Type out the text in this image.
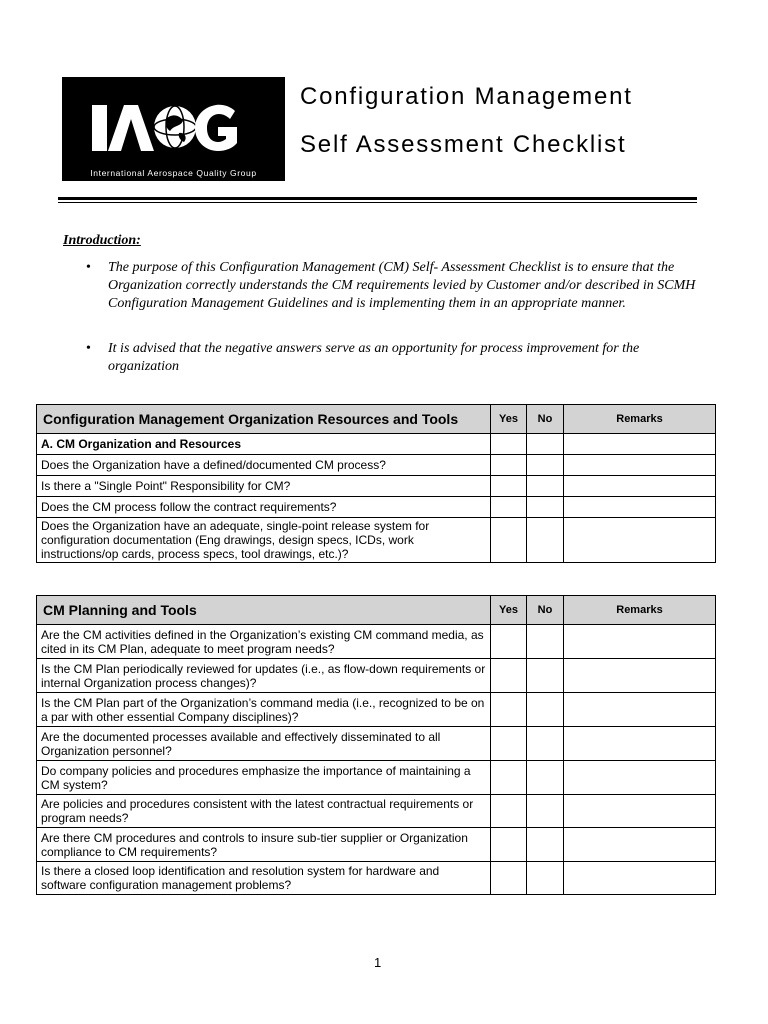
International Aerospace Quality Group
Configuration Management
Self Assessment Checklist
Introduction:
• The purpose of this Configuration Management (CM) Self- Assessment Checklist is to ensure that the Organization correctly understands the CM requirements levied by Customer and/or described in SCMH Configuration Management Guidelines and is implementing them in an appropriate manner.
• It is advised that the negative answers serve as an opportunity for process improvement for the organization
Configuration Management Organization Resources and Tools	Yes	No	Remarks
A. CM Organization and Resources			
Does the Organization have a defined/documented CM process?			
Is there a "Single Point" Responsibility for CM?			
Does the CM process follow the contract requirements?			
Does the Organization have an adequate, single-point release system for configuration documentation (Eng drawings, design specs, ICDs, work instructions/op cards, process specs, tool drawings, etc.)?			
CM Planning and Tools	Yes	No	Remarks
Are the CM activities defined in the Organization’s existing CM command media, as cited in its CM Plan, adequate to meet program needs?			
Is the CM Plan periodically reviewed for updates (i.e., as flow-down requirements or internal Organization process changes)?			
Is the CM Plan part of the Organization’s command media (i.e., recognized to be on a par with other essential Company disciplines)?			
Are the documented processes available and effectively disseminated to all Organization personnel?			
Do company policies and procedures emphasize the importance of maintaining a CM system?			
Are policies and procedures consistent with the latest contractual requirements or program needs?			
Are there CM procedures and controls to insure sub-tier supplier or Organization compliance to CM requirements?			
Is there a closed loop identification and resolution system for hardware and software configuration management problems?			
1
